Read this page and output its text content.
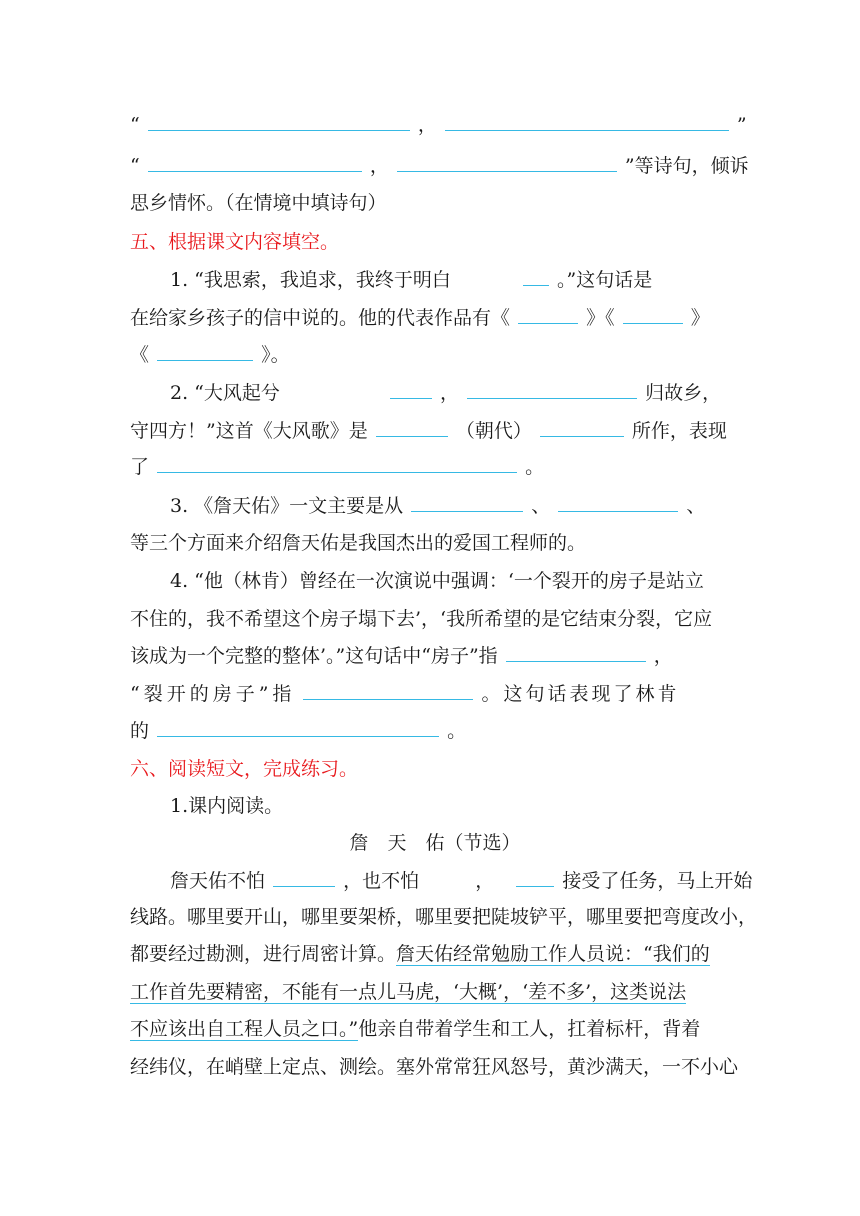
“	，	”
“	，	”等诗句，倾诉
思乡情怀。（在情境中填诗句）
五、根据课文内容填空。
1. “我思索，我追求，我终于明白	。”这句话是
在给家乡孩子的信中说的。他的代表作品有《	》《	》
《	》。
2. “大风起兮	，	归故乡，
守四方！”这首《大风歌》是	（朝代）	所作，表现
了	。
3. 《詹天佑》一文主要是从	、	、
等三个方面来介绍詹天佑是我国杰出的爱国工程师的。
4. “他（林肯）曾经在一次演说中强调：‘一个裂开的房子是站立
不住的，我不希望这个房子塌下去’，‘我所希望的是它结束分裂，它应
该成为一个完整的整体’。”这句话中“房子”指	，
“裂开的房子”指	。这句话表现了林肯
的	。
六、阅读短文，完成练习。
1.课内阅读。
詹　天　佑（节选）
詹天佑不怕	，也不怕	，	接受了任务，马上开始
线路。哪里要开山，哪里要架桥，哪里要把陡坡铲平，哪里要把弯度改小，
都要经过勘测，进行周密计算。詹天佑经常勉励工作人员说：“我们的
工作首先要精密，不能有一点儿马虎，‘大概’，‘差不多’，这类说法
不应该出自工程人员之口。”他亲自带着学生和工人，扛着标杆，背着
经纬仪，在峭壁上定点、测绘。塞外常常狂风怒号，黄沙满天，一不小心
